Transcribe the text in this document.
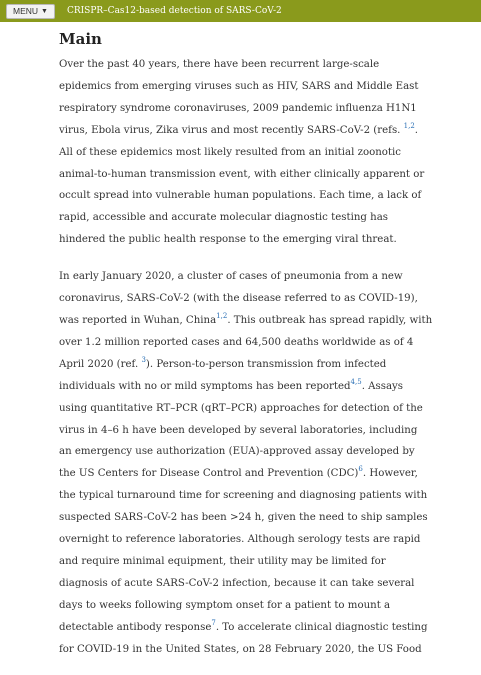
MENU ▼ CRISPR–Cas12-based detection of SARS-CoV-2
Main

Over the past 40 years, there have been recurrent large-scale epidemics from emerging viruses such as HIV, SARS and Middle East respiratory syndrome coronaviruses, 2009 pandemic influenza H1N1 virus, Ebola virus, Zika virus and most recently SARS-CoV-2 (refs. $^{1,2}$. All of these epidemics most likely resulted from an initial zoonotic animal-to-human transmission event, with either clinically apparent or occult spread into vulnerable human populations. Each time, a lack of rapid, accessible and accurate molecular diagnostic testing has hindered the public health response to the emerging viral threat.

In early January 2020, a cluster of cases of pneumonia from a new coronavirus, SARS-CoV-2 (with the disease referred to as COVID-19), was reported in Wuhan, China$^{1,2}$. This outbreak has spread rapidly, with over 1.2 million reported cases and 64,500 deaths worldwide as of 4 April 2020 (ref. $^3$). Person-to-person transmission from infected individuals with no or mild symptoms has been reported$^{4,5}$. Assays using quantitative RT–PCR (qRT–PCR) approaches for detection of the virus in 4–6 h have been developed by several laboratories, including an emergency use authorization (EUA)-approved assay developed by the US Centers for Disease Control and Prevention (CDC)$^6$. However, the typical turnaround time for screening and diagnosing patients with suspected SARS-CoV-2 has been >24 h, given the need to ship samples overnight to reference laboratories. Although serology tests are rapid and require minimal equipment, their utility may be limited for diagnosis of acute SARS-CoV-2 infection, because it can take several days to weeks following symptom onset for a patient to mount a detectable antibody response$^7$. To accelerate clinical diagnostic testing for COVID-19 in the United States, on 28 February 2020, the US Food
